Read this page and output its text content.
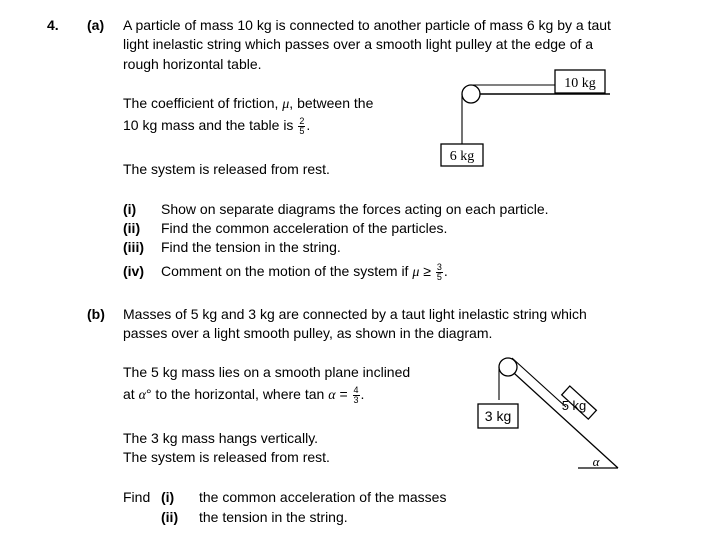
4. (a) A particle of mass 10 kg is connected to another particle of mass 6 kg by a taut
light inelastic string which passes over a smooth light pulley at the edge of a
rough horizontal table.
The coefficient of friction, μ, between the
10 kg mass and the table is $\frac{2}{5}$ .
The system is released from rest.
10 kg
6 kg
(i) Show on separate diagrams the forces acting on each particle.
(ii) Find the common acceleration of the particles.
(iii) Find the tension in the string.
(iv) Comment on the motion of the system if $\mu \ge \frac{3}{5}$ .
(b) Masses of 5 kg and 3 kg are connected by a taut light inelastic string which
passes over a light smooth pulley, as shown in the diagram.
The 5 kg mass lies on a smooth plane inclined
at α° to the horizontal, where $\tan \alpha = \frac{4}{3}$ .
The 3 kg mass hangs vertically.
The system is released from rest.
Find (i) the common acceleration of the masses
(ii) the tension in the string.
α
3 kg
5 kg
